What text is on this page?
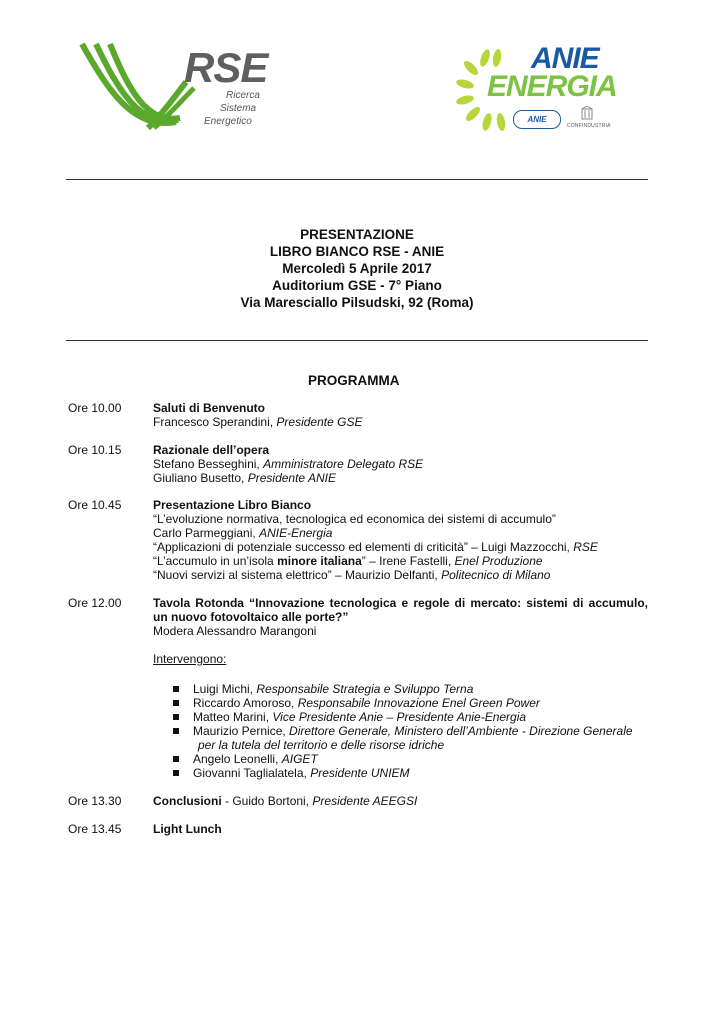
RSE
Ricerca
Sistema
Energetico
ANIE
ENERGIA
ANIE
CONFINDUSTRIA
PRESENTAZIONE
LIBRO BIANCO RSE - ANIE
Mercoledì 5 Aprile 2017
Auditorium GSE - 7° Piano
Via Maresciallo Pilsudski, 92 (Roma)
PROGRAMMA
Ore 10.00	Saluti di Benvenuto
Francesco Sperandini, Presidente GSE
Ore 10.15	Razionale dell’opera
Stefano Besseghini, Amministratore Delegato RSE
Giuliano Busetto, Presidente ANIE
Ore 10.45	Presentazione Libro Bianco
“L’evoluzione normativa, tecnologica ed economica dei sistemi di accumulo”
Carlo Parmeggiani, ANIE-Energia
“Applicazioni di potenziale successo ed elementi di criticità” – Luigi Mazzocchi, RSE
“L’accumulo in un’isola minore italiana” – Irene Fastelli, Enel Produzione
“Nuovi servizi al sistema elettrico” – Maurizio Delfanti, Politecnico di Milano
Ore 12.00	Tavola Rotonda “Innovazione tecnologica e regole di mercato: sistemi di accumulo,
un nuovo fotovoltaico alle porte?”
Modera Alessandro Marangoni
Intervengono:
Luigi Michi, Responsabile Strategia e Sviluppo Terna
Riccardo Amoroso, Responsabile Innovazione Enel Green Power
Matteo Marini, Vice Presidente Anie – Presidente Anie-Energia
Maurizio Pernice, Direttore Generale, Ministero dell’Ambiente - Direzione Generale
per la tutela del territorio e delle risorse idriche
Angelo Leonelli, AIGET
Giovanni Taglialatela, Presidente UNIEM
Ore 13.30	Conclusioni - Guido Bortoni, Presidente AEEGSI
Ore 13.45	Light Lunch
